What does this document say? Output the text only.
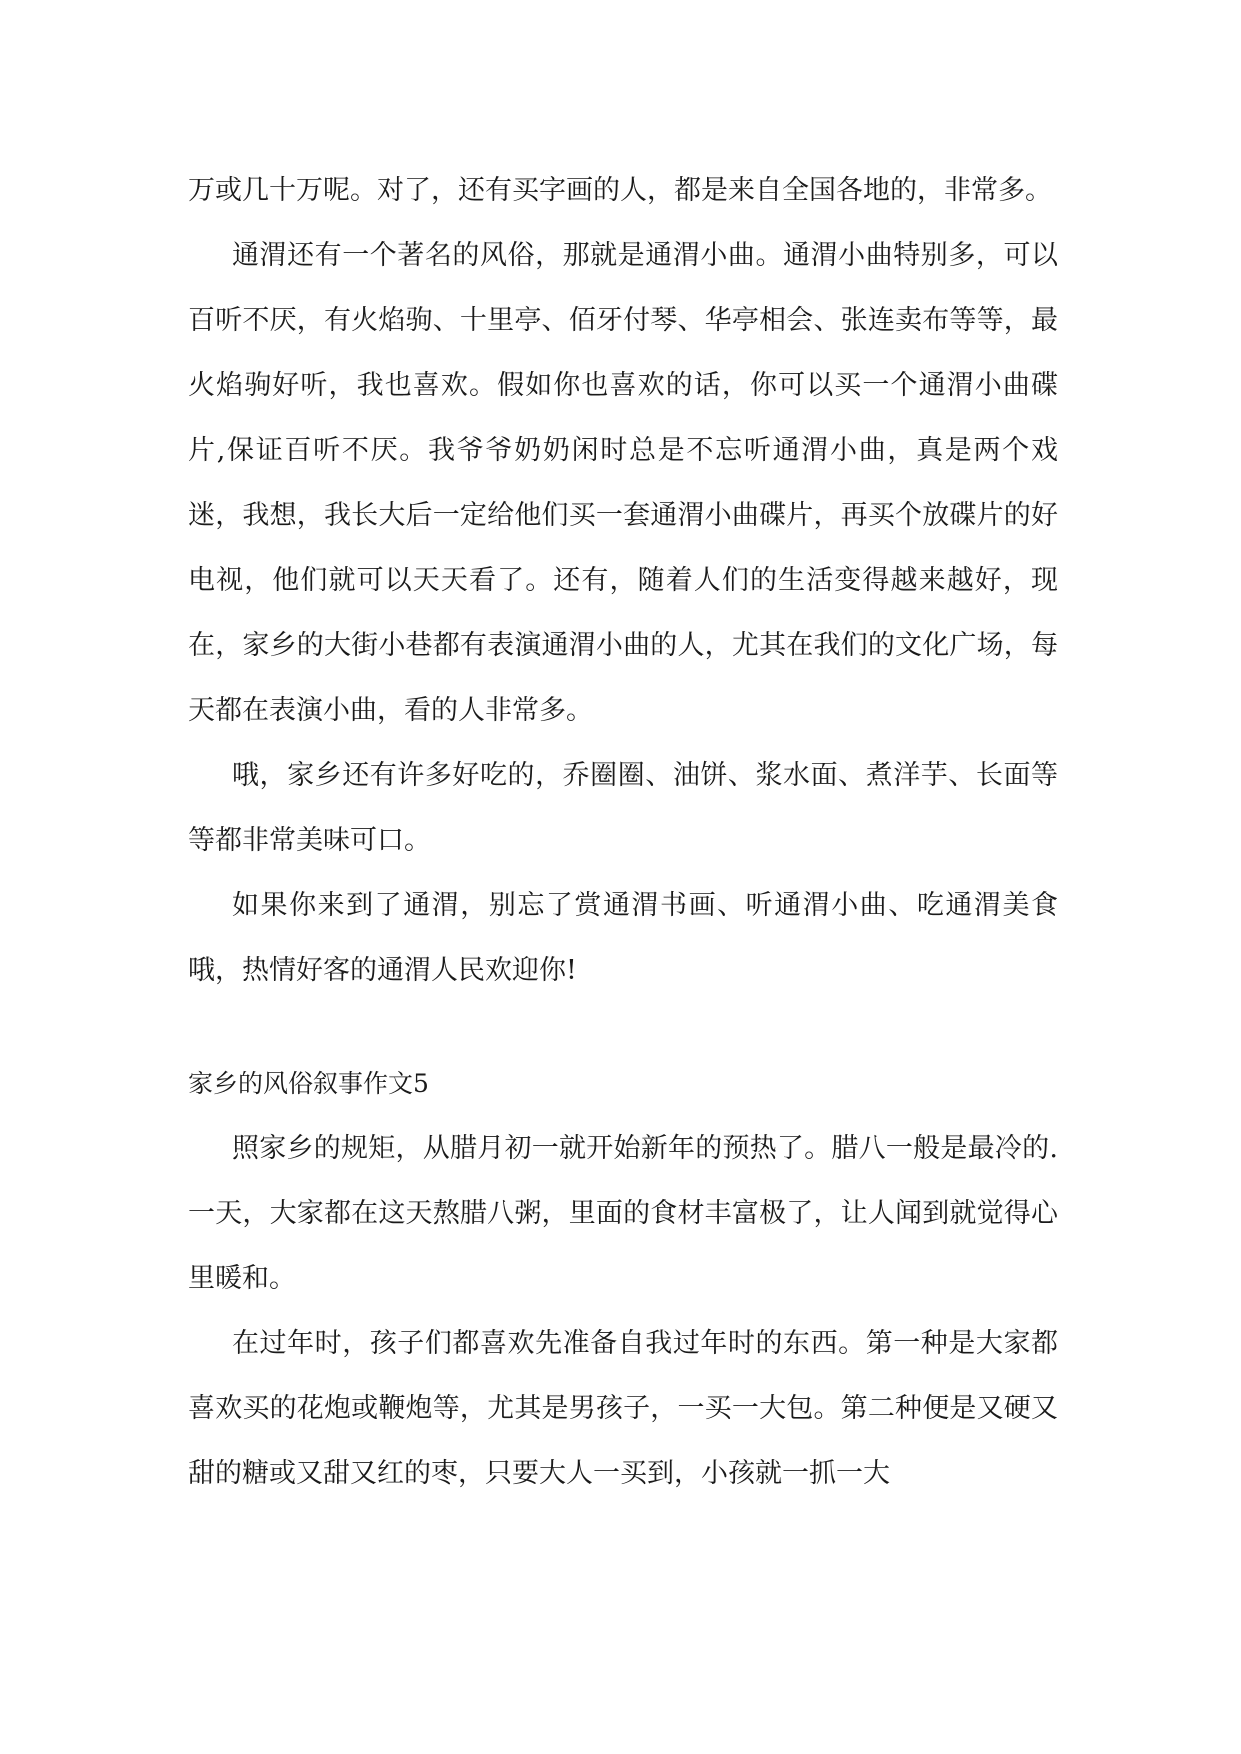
万或几十万呢。对了，还有买字画的人，都是来自全国各地的，非常多。

通渭还有一个著名的风俗，那就是通渭小曲。通渭小曲特别多，可以百听不厌，有火焰驹、十里亭、佰牙付琴、华亭相会、张连卖布等等，最火焰驹好听，我也喜欢。假如你也喜欢的话，你可以买一个通渭小曲碟片,保证百听不厌。我爷爷奶奶闲时总是不忘听通渭小曲，真是两个戏迷，我想，我长大后一定给他们买一套通渭小曲碟片，再买个放碟片的好电视，他们就可以天天看了。还有，随着人们的生活变得越来越好，现在，家乡的大街小巷都有表演通渭小曲的人，尤其在我们的文化广场，每天都在表演小曲，看的人非常多。

哦，家乡还有许多好吃的，乔圈圈、油饼、浆水面、煮洋芋、长面等等都非常美味可口。

如果你来到了通渭，别忘了赏通渭书画、听通渭小曲、吃通渭美食哦，热情好客的通渭人民欢迎你!

家乡的风俗叙事作文5

照家乡的规矩，从腊月初一就开始新年的预热了。腊八一般是最冷的.一天，大家都在这天熬腊八粥，里面的食材丰富极了，让人闻到就觉得心里暖和。

在过年时，孩子们都喜欢先准备自我过年时的东西。第一种是大家都喜欢买的花炮或鞭炮等，尤其是男孩子，一买一大包。第二种便是又硬又甜的糖或又甜又红的枣，只要大人一买到，小孩就一抓一大
